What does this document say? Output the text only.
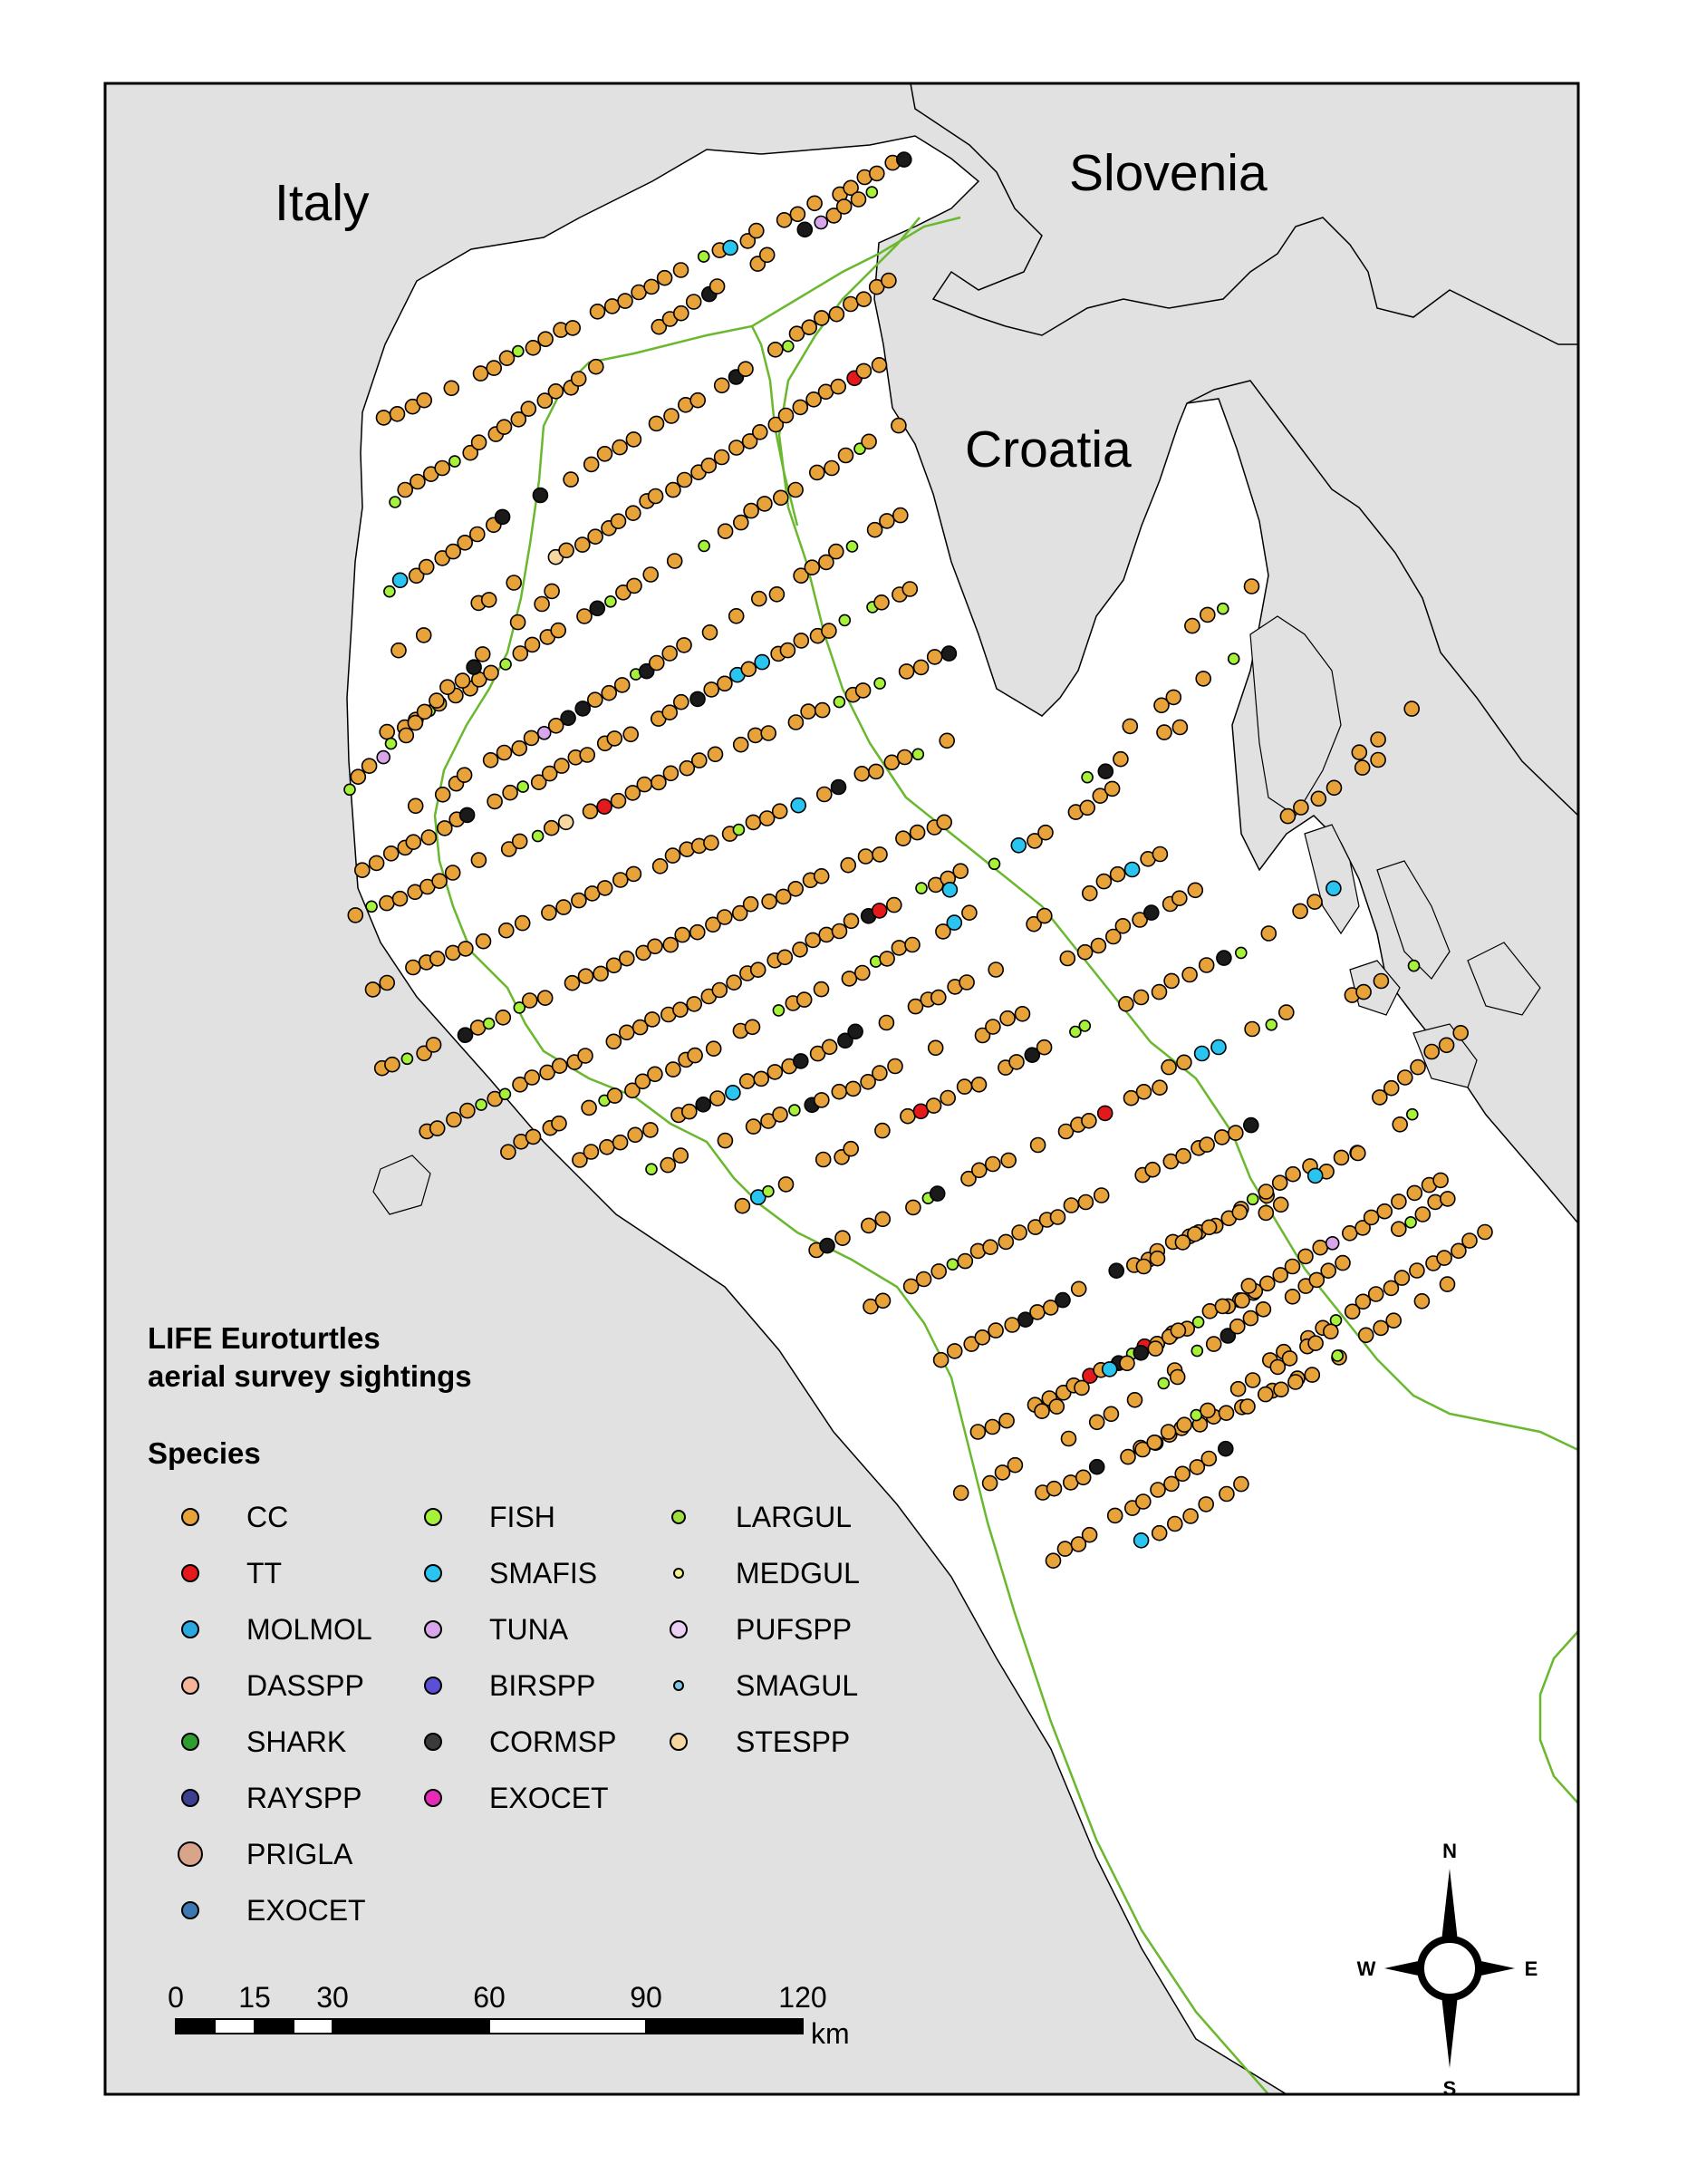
Italy
Slovenia
Croatia
LIFE Euroturtles
aerial survey sightings
Species
CC
TT
MOLMOL
DASSPP
SHARK
RAYSPP
PRIGLA
EXOCET
FISH
SMAFIS
TUNA
BIRSPP
CORMSP
EXOCET
LARGUL
MEDGUL
PUFSPP
SMAGUL
STESPP
0 15 30	60	90	120
km
N
S
E
W
